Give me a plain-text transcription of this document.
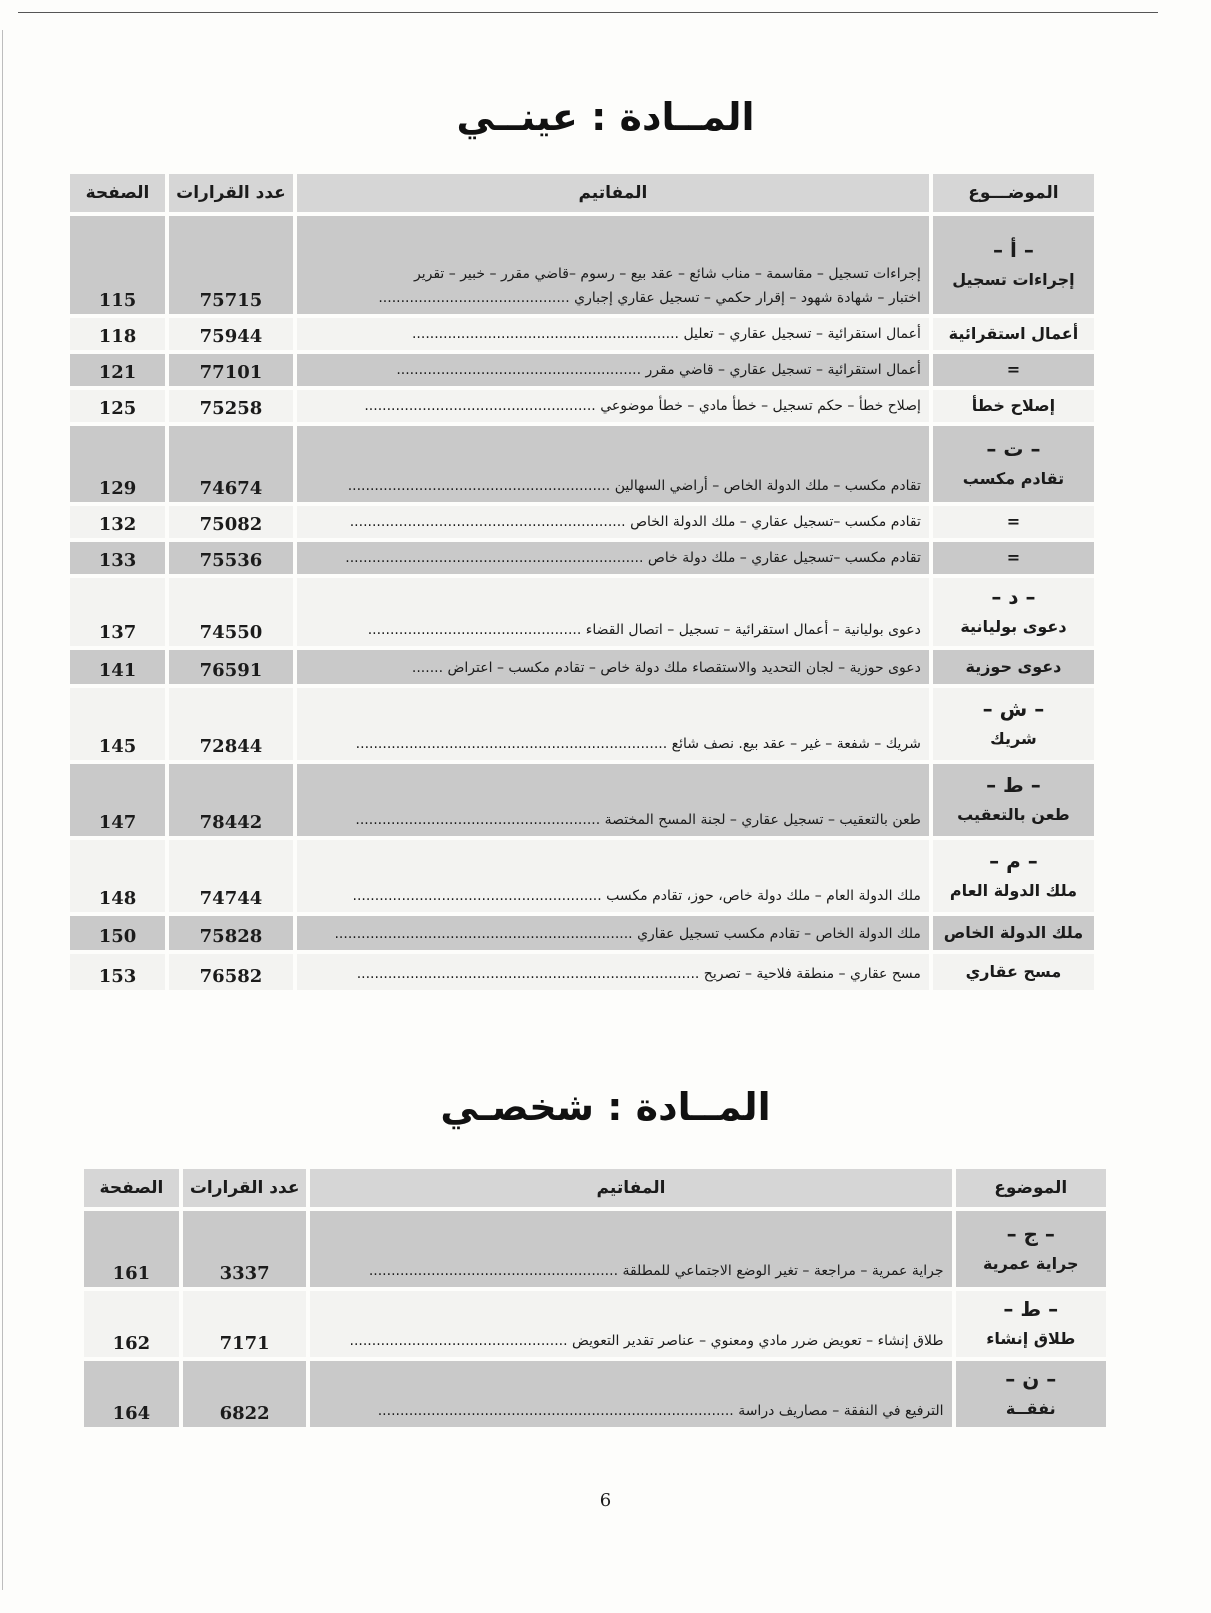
المــادة : عينــي
الصفحة	عدد القرارات	المفاتيم	الموضـــوع
115	75715	إجراءات تسجيل – مقاسمة – مناب شائع – عقد بيع – رسوم –قاضي مقرر – خبير – تقرير
اختبار – شهادة شهود – إقرار حكمي – تسجيل عقاري إجباري ...........................................	– أ –
إجراءات تسجيل
118	75944	أعمال استقرائية – تسجيل عقاري – تعليل ............................................................	أعمال استقرائية
121	77101	أعمال استقرائية – تسجيل عقاري – قاضي مقرر .......................................................	=
125	75258	إصلاح خطأ – حكم تسجيل – خطأ مادي – خطأ موضوعي ....................................................	إصلاح خطأ
129	74674	تقادم مكسب – ملك الدولة الخاص – أراضي السهالين ...........................................................	– ت –
تقادم مكسب
132	75082	تقادم مكسب –تسجيل عقاري – ملك الدولة الخاص ..............................................................	=
133	75536	تقادم مكسب –تسجيل عقاري – ملك دولة خاص ...................................................................	=
137	74550	دعوى بوليانية – أعمال استقرائية – تسجيل – اتصال القضاء ................................................	– د –
دعوى بوليانية
141	76591	دعوى حوزية – لجان التحديد والاستقصاء ملك دولة خاص – تقادم مكسب – اعتراض .......	دعوى حوزية
145	72844	شريك – شفعة – غير – عقد بيع. نصف شائع ......................................................................	– ش –
شريك
147	78442	طعن بالتعقيب – تسجيل عقاري – لجنة المسح المختصة .......................................................	– ط –
طعن بالتعقيب
148	74744	ملك الدولة العام – ملك دولة خاص، حوز، تقادم مكسب ........................................................	– م –
ملك الدولة العام
150	75828	ملك الدولة الخاص – تقادم مكسب تسجيل عقاري ...................................................................	ملك الدولة الخاص
153	76582	مسح عقاري – منطقة فلاحية – تصريح .............................................................................	مسح عقاري
المــادة : شخصـي
الصفحة	عدد القرارات	المفاتيم	الموضوع
161	3337	جراية عمرية – مراجعة – تغير الوضع الاجتماعي للمطلقة ........................................................	– ج –
جراية عمرية
162	7171	طلاق إنشاء – تعويض ضرر مادي ومعنوي – عناصر تقدير التعويض .................................................	– ط –
طلاق إنشاء
164	6822	الترفيع في النفقة – مصاريف دراسة ................................................................................	– ن –
نفقــة
6
